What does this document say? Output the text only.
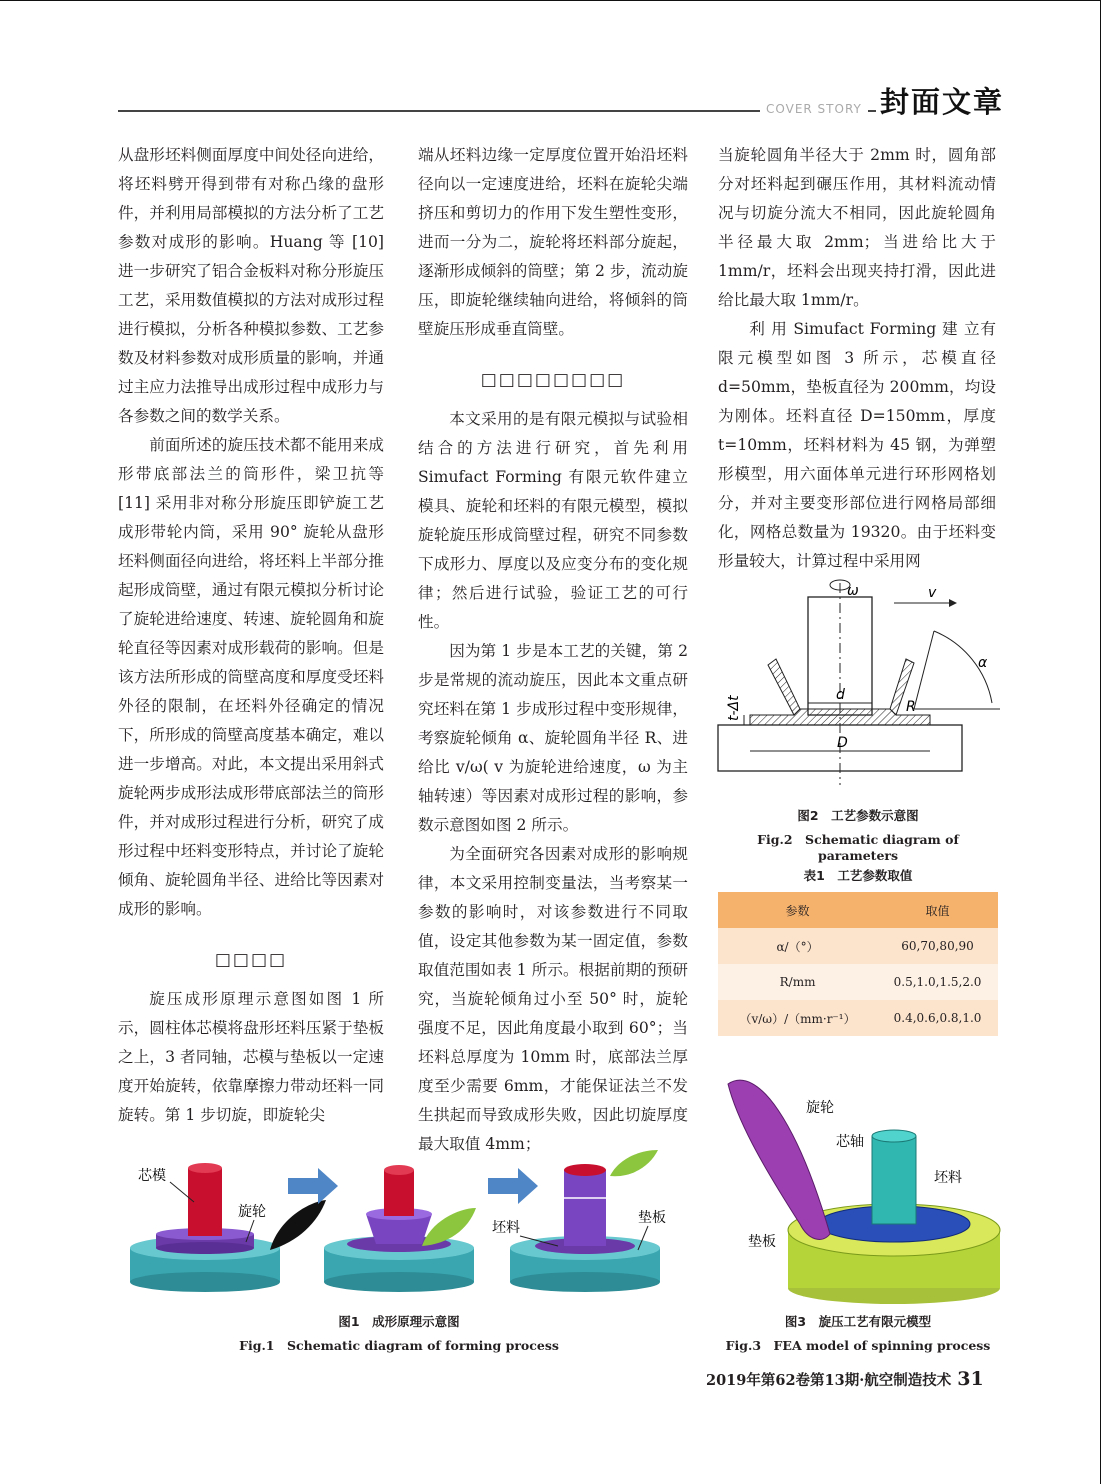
COVER STORY 封面文章

从盘形坯料侧面厚度中间处径向进给，将坯料劈开得到带有对称凸缘的盘形件，并利用局部模拟的方法分析了工艺参数对成形的影响。Huang 等 [10] 进一步研究了铝合金板料对称分形旋压工艺，采用数值模拟的方法对成形过程进行模拟，分析各种模拟参数、工艺参数及材料参数对成形质量的影响，并通过主应力法推导出成形过程中成形力与各参数之间的数学关系。

前面所述的旋压技术都不能用来成形带底部法兰的筒形件，梁卫抗等 [11] 采用非对称分形旋压即铲旋工艺成形带轮内筒，采用 90° 旋轮从盘形坯料侧面径向进给，将坯料上半部分推起形成筒壁，通过有限元模拟分析讨论了旋轮进给速度、转速、旋轮圆角和旋轮直径等因素对成形载荷的影响。但是该方法所形成的筒壁高度和厚度受坯料外径的限制，在坯料外径确定的情况下，所形成的筒壁高度基本确定，难以进一步增高。对此，本文提出采用斜式旋轮两步成形法成形带底部法兰的筒形件，并对成形过程进行分析，研究了成形过程中坯料变形特点，并讨论了旋轮倾角、旋轮圆角半径、进给比等因素对成形的影响。

□□□□

旋压成形原理示意图如图 1 所示，圆柱体芯模将盘形坯料压紧于垫板之上，3 者同轴，芯模与垫板以一定速度开始旋转，依靠摩擦力带动坯料一同旋转。第 1 步切旋，即旋轮尖

端从坯料边缘一定厚度位置开始沿坯料径向以一定速度进给，坯料在旋轮尖端挤压和剪切力的作用下发生塑性变形，进而一分为二，旋轮将坯料部分旋起，逐渐形成倾斜的筒壁；第 2 步，流动旋压，即旋轮继续轴向进给，将倾斜的筒壁旋压形成垂直筒壁。

□□□□□□□□

本文采用的是有限元模拟与试验相结合的方法进行研究，首先利用 Simufact Forming 有限元软件建立模具、旋轮和坯料的有限元模型，模拟旋轮旋压形成筒壁过程，研究不同参数下成形力、厚度以及应变分布的变化规律；然后进行试验，验证工艺的可行性。

因为第 1 步是本工艺的关键，第 2 步是常规的流动旋压，因此本文重点研究坯料在第 1 步成形过程中变形规律，考察旋轮倾角 α、旋轮圆角半径 R、进给比 v/ω( v 为旋轮进给速度，ω 为主轴转速）等因素对成形过程的影响，参数示意图如图 2 所示。

为全面研究各因素对成形的影响规律，本文采用控制变量法，当考察某一参数的影响时，对该参数进行不同取值，设定其他参数为某一固定值，参数取值范围如表 1 所示。根据前期的预研究，当旋轮倾角过小至 50° 时，旋轮强度不足，因此角度最小取到 60°；当坯料总厚度为 10mm 时，底部法兰厚度至少需要 6mm，才能保证法兰不发生拱起而导致成形失败，因此切旋厚度最大取值 4mm；

当旋轮圆角半径大于 2mm 时，圆角部分对坯料起到碾压作用，其材料流动情况与切旋分流大不相同，因此旋轮圆角半径最大取 2mm；当进给比大于 1mm/r，坯料会出现夹持打滑，因此进给比最大取 1mm/r。

利 用 Simufact Forming 建 立有限元模型如图 3 所示，芯模直径 d=50mm，垫板直径为 200mm，均设为刚体。坯料直径 D=150mm，厚度 t=10mm，坯料材料为 45 钢，为弹塑形模型，用六面体单元进行环形网格划分，并对主要变形部位进行网格局部细化，网格总数量为 19320。由于坯料变形量较大，计算过程中采用网

ω	v
α
d
R
D
t-Δt
图2　工艺参数示意图
Fig.2　Schematic diagram of parameters
表1　工艺参数取值
参数	取值
α/（°）	60,70,80,90
R/mm	0.5,1.0,1.5,2.0
（v/ω）/（mm·r⁻¹）	0.4,0.6,0.8,1.0
旋轮
芯轴
坯料
垫板
图3　旋压工艺有限元模型
Fig.3　FEA model of spinning process
芯模
旋轮
坯料
垫板
图1　成形原理示意图
Fig.1　Schematic diagram of forming process
2019年第62卷第13期·航空制造技术 31
